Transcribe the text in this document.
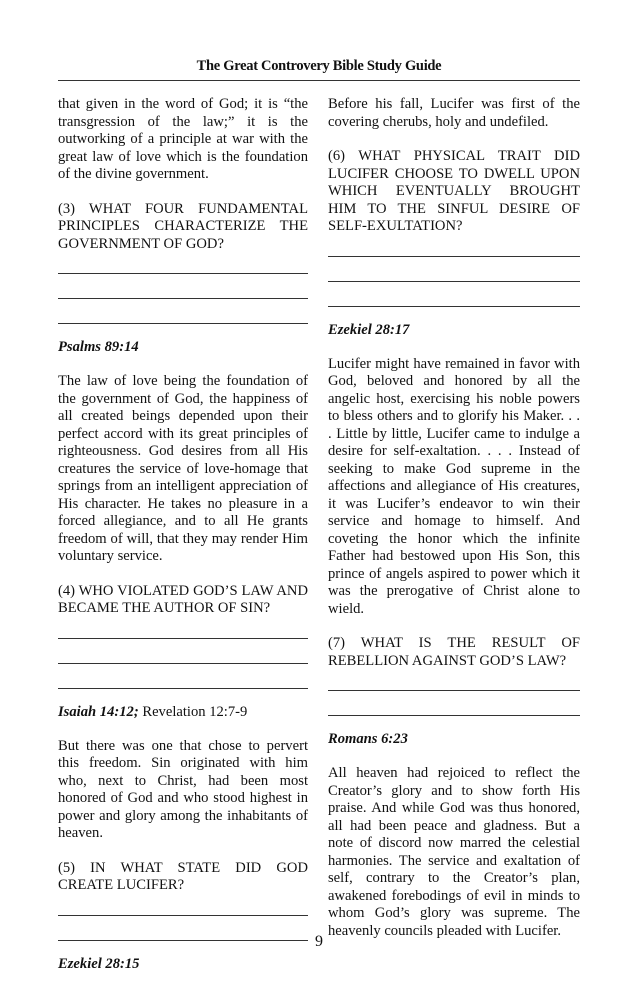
The Great Controvery Bible Study Guide

that given in the word of God; it is “the transgression of the law;” it is the outworking of a principle at war with the great law of love which is the foundation of the divine government.

(3) WHAT FOUR FUNDAMENTAL PRINCIPLES CHARACTERIZE THE GOVERNMENT OF GOD?

Psalms 89:14

The law of love being the foundation of the government of God, the happiness of all created beings depended upon their perfect accord with its great principles of righteousness. God desires from all His creatures the service of love-homage that springs from an intelligent appreciation of His character. He takes no pleasure in a forced allegiance, and to all He grants freedom of will, that they may render Him voluntary service.

(4) WHO VIOLATED GOD’S LAW AND BECAME THE AUTHOR OF SIN?

Isaiah 14:12; Revelation 12:7-9

But there was one that chose to pervert this freedom. Sin originated with him who, next to Christ, had been most honored of God and who stood highest in power and glory among the inhabitants of heaven.

(5) IN WHAT STATE DID GOD CREATE LUCIFER?

Ezekiel 28:15

Before his fall, Lucifer was first of the covering cherubs, holy and undefiled.

(6) WHAT PHYSICAL TRAIT DID LUCIFER CHOOSE TO DWELL UPON WHICH EVENTUALLY BROUGHT HIM TO THE SINFUL DESIRE OF SELF-EXULTATION?

Ezekiel 28:17

Lucifer might have remained in favor with God, beloved and honored by all the angelic host, exercising his noble powers to bless others and to glorify his Maker. . . . Little by little, Lucifer came to indulge a desire for self-exaltation. . . . Instead of seeking to make God supreme in the affections and allegiance of His creatures, it was Lucifer’s endeavor to win their service and homage to himself. And coveting the honor which the infinite Father had bestowed upon His Son, this prince of angels aspired to power which it was the prerogative of Christ alone to wield.

(7) WHAT IS THE RESULT OF REBELLION AGAINST GOD’S LAW?

Romans 6:23

All heaven had rejoiced to reflect the Creator’s glory and to show forth His praise. And while God was thus honored, all had been peace and gladness. But a note of discord now marred the celestial harmonies. The service and exaltation of self, contrary to the Creator’s plan, awakened forebodings of evil in minds to whom God’s glory was supreme. The heavenly councils pleaded with Lucifer.

9
